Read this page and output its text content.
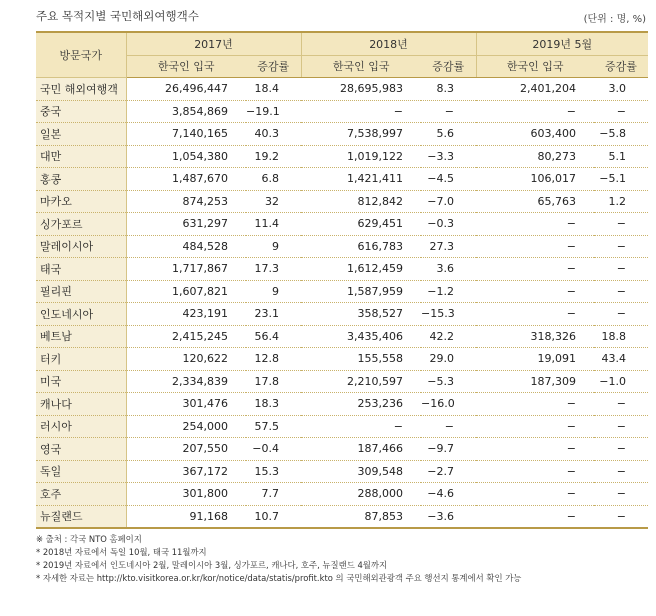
주요 목적지별 국민해외여행객수	(단위 : 명, %)
방문국가	2017년		2018년		2019년 5월	
	한국인 입국	증감률	한국인 입국	증감률	한국인 입국	증감률
국민 해외여행객	26,496,447	18.4	28,695,983	8.3	2,401,204	3.0
중국	3,854,869	−19.1	−	−	−	−
일본	7,140,165	40.3	7,538,997	5.6	603,400	−5.8
대만	1,054,380	19.2	1,019,122	−3.3	80,273	5.1
홍콩	1,487,670	6.8	1,421,411	−4.5	106,017	−5.1
마카오	874,253	32	812,842	−7.0	65,763	1.2
싱가포르	631,297	11.4	629,451	−0.3	−	−
말레이시아	484,528	9	616,783	27.3	−	−
태국	1,717,867	17.3	1,612,459	3.6	−	−
필리핀	1,607,821	9	1,587,959	−1.2	−	−
인도네시아	423,191	23.1	358,527	−15.3	−	−
베트남	2,415,245	56.4	3,435,406	42.2	318,326	18.8
터키	120,622	12.8	155,558	29.0	19,091	43.4
미국	2,334,839	17.8	2,210,597	−5.3	187,309	−1.0
캐나다	301,476	18.3	253,236	−16.0	−	−
러시아	254,000	57.5	−	−	−	−
영국	207,550	−0.4	187,466	−9.7	−	−
독일	367,172	15.3	309,548	−2.7	−	−
호주	301,800	7.7	288,000	−4.6	−	−
뉴질랜드	91,168	10.7	87,853	−3.6	−	−
※ 출처 : 각국 NTO 홈페이지
* 2018년 자료에서 독일 10월, 태국 11월까지
* 2019년 자료에서 인도네시아 2월, 말레이시아 3월, 싱가포르, 캐나다, 호주, 뉴질랜드 4월까지
* 자세한 자료는 http://kto.visitkorea.or.kr/kor/notice/data/statis/profit.kto 의 국민해외관광객 주요 행선지 통계에서 확인 가능
